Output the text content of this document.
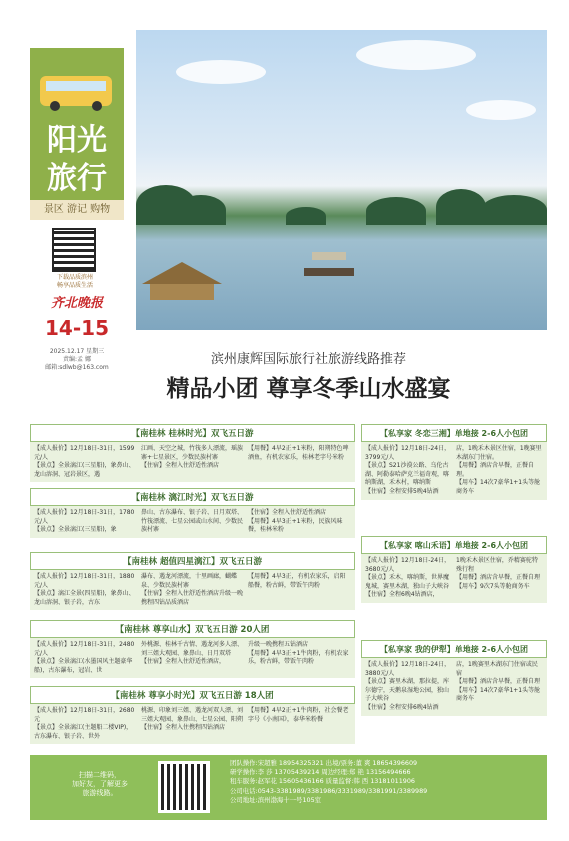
阳光
旅行
景区 游记 购物
下载品质滨州
畅享品质生活
齐北晚报
14-15
2025.12.17 星期三
责编:孟 娜
邮箱:sdlwb@163.com
滨州康辉国际旅行社旅游线路推荐
精品小团 尊享冬季山水盛宴
【南桂林 桂林时光】双飞五日游
【成人报价】12月18日-31日，1599元/人
【景点】全景漓江(三星船)，象鼻山、龙山溶洞、冠岩景区，遇
江画、天空之城，竹筏多人漂流，瑶族寨+七星景区，少数民族村寨
【住宿】全程入住舒适性酒店
【用餐】4早2正+1米粉，阳朔特色啤酒鱼，有机农家乐，桂林老字号米粉
【南桂林 漓江时光】双飞五日游
【成人报价】12月18日-31日，1780元/人
【景点】全景漓江(三星船)，象
鼻山、古东瀑布、银子岩、日月双塔、竹筏漂流、七星公园或山水间、少数民族村寨
【住宿】全程入住舒适性酒店
【用餐】4早3正+1米粉，民族风味餐，桂林米粉
【南桂林 超值四星漓江】双飞五日游
【成人报价】12月18日-31日，1880元/人
【景点】漓江全景(四星船)，象鼻山、龙山溶洞、银子岩，古东
瀑布、遇龙河漂流，十里画廊，蝴蝶泉、少数民族村寨
【住宿】全程入住舒适性酒店升级一晚携程四钻品质酒店
【用餐】4早3正，有机农家乐，启阳船餐，粉古鲜，带饭午肉粉
【南桂林 尊享山水】双飞五日游 20人团
【成人报价】12月18日-31日，2480元/人
【景点】全景漓江(水墨国风主题豪华船)，古东瀑布，冠岩、世
外桃源、桂林千古情、遇龙河多人漂、刘三姐大观园、象鼻山、日月双塔
【住宿】全程入住舒适性酒店，
升级一晚携程五钻酒店
【用餐】4早3正+1牛肉粉，有机农家乐，粉古鲜，带饭午肉粉
【南桂林 尊享小时光】双飞五日游 18人团
【成人报价】12月18日-31日，2680元
【景点】全景漓江(主题船二楼VIP)，古东瀑布、银子岩、世外
桃源、印象刘三姐、遇龙河双人漂、刘三姐大观园、象鼻山、七星公园、阳朔
【住宿】全程入住携程四钻酒店
【用餐】4早2正+1牛肉粉，社会餐老字号《小南国》，泰华米粉餐
【私享家 冬恋三湘】单地接 2-6人小包团
【成人报价】12月18日-24日，3799元/人
【景点】S21沙漠公路、乌伦古湖、阿勒泰哈萨克兰福奇观，喀纳斯湖，禾木村，喀纳斯
【住宿】全程安排5晚4钻酒
店，1晚禾木景区住宿，1晚赛里木湖东门住宿。
【用餐】酒店含早餐，正餐自理。
【用车】14次7豪华1+1头等舱商务车
【私享家 喀山禾语】单地接 2-6人小包团
【成人报价】12月18日-24日，3680元/人
【景点】禾木，喀纳斯，世界魔鬼城，赛里木湖，独山子大峡谷
【住宿】全程6晚4钻酒店，
1晚禾木景区住宿，乔精赛驼特殊行程
【用餐】酒店含早餐，正餐自理
【用车】9次7头等舱商务车
【私享家 我的伊犁】单地接 2-6人小包团
【成人报价】12月18日-24日，3880元/人
【景点】赛里木湖，那拉提，库尔德宁，天鹅泉湿地公园，独山子大峡谷
【住宿】全程安排6晚4钻酒
店，1晚赛里木湖东门住宿或民宿
【用餐】酒店含早餐，正餐自理
【用车】14次7豪华1+1头等舱商务车
扫描二维码，
加好友，了解更多
旅游线路。
团队操作:宋超雅 18954325321 出境/票务:董 爽 18654396609
研学操作:李 莎 13705439214 周边经理:郑 艳 13156494666
租车服务:赵军花 15605436166 质量监督:韩 西 13181011906
公司电话:0543-3381989/3381986/3331989/3381991/3389989
公司地址:滨州渤海十一号105室
